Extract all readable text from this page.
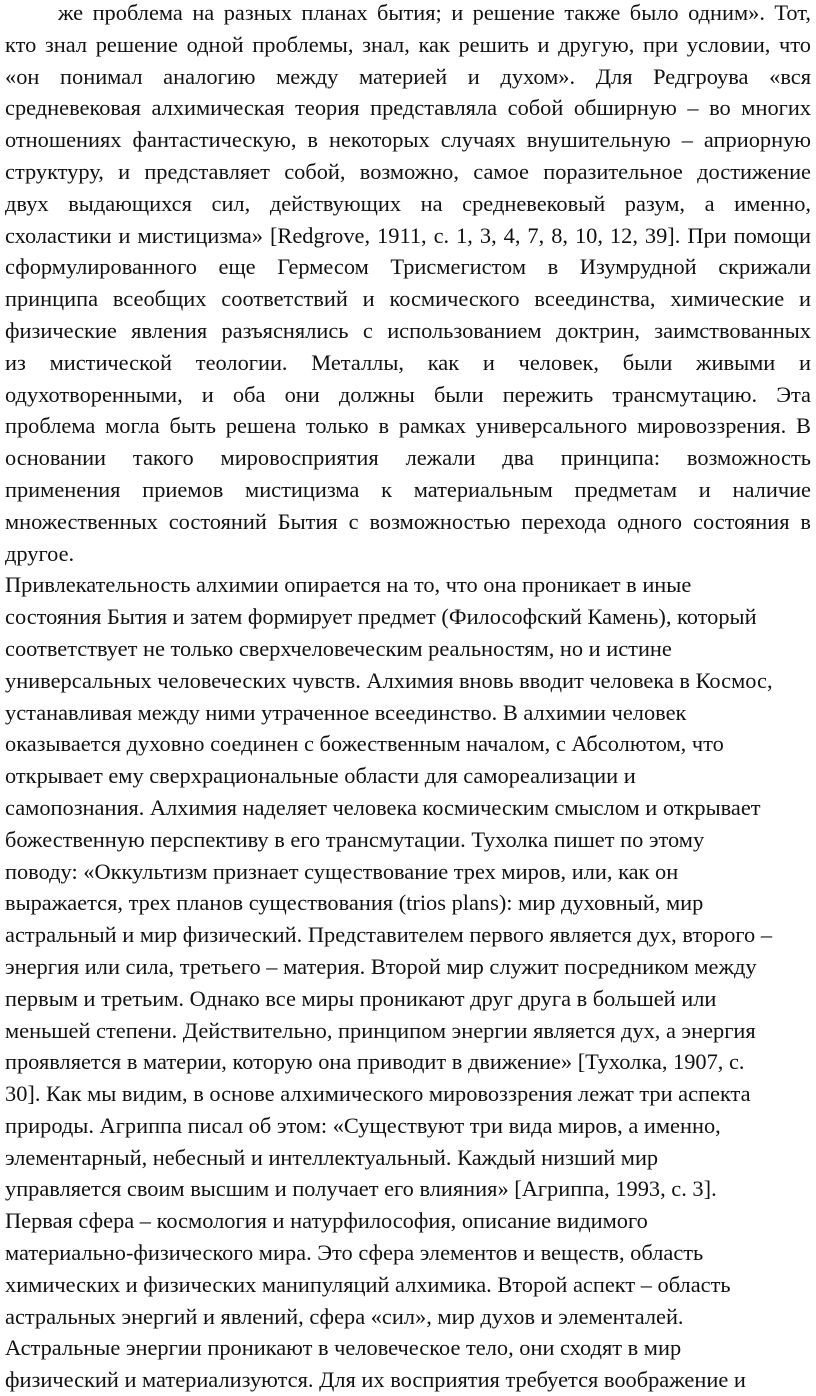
же проблема на разных планах бытия; и решение также было одним». Тот,
кто знал решение одной проблемы, знал, как решить и другую, при условии, что
«он понимал аналогию между материей и духом». Для Редгроува «вся
средневековая алхимическая теория представляла собой обширную – во многих
отношениях фантастическую, в некоторых случаях внушительную – априорную
структуру, и представляет собой, возможно, самое поразительное достижение
двух выдающихся сил, действующих на средневековый разум, а именно,
схоластики и мистицизма» [Redgrove, 1911, с. 1, 3, 4, 7, 8, 10, 12, 39]. При помощи
сформулированного еще Гермесом Трисмегистом в Изумрудной скрижали
принципа всеобщих соответствий и космического всеединства, химические и
физические явления разъяснялись с использованием доктрин, заимствованных
из мистической теологии. Металлы, как и человек, были живыми и
одухотворенными, и оба они должны были пережить трансмутацию. Эта
проблема могла быть решена только в рамках универсального мировоззрения. В
основании такого мировосприятия лежали два принципа: возможность
применения приемов мистицизма к материальным предметам и наличие
множественных состояний Бытия с возможностью перехода одного состояния в
другое.
Привлекательность алхимии опирается на то, что она проникает в иные
состояния Бытия и затем формирует предмет (Философский Камень), который
соответствует не только сверхчеловеческим реальностям, но и истине
универсальных человеческих чувств. Алхимия вновь вводит человека в Космос,
устанавливая между ними утраченное всеединство. В алхимии человек
оказывается духовно соединен с божественным началом, с Абсолютом, что
открывает ему сверхрациональные области для самореализации и
самопознания. Алхимия наделяет человека космическим смыслом и открывает
божественную перспективу в его трансмутации. Тухолка пишет по этому
поводу: «Оккультизм признает существование трех миров, или, как он
выражается, трех планов существования (trios plans): мир духовный, мир
астральный и мир физический. Представителем первого является дух, второго –
энергия или сила, третьего – материя. Второй мир служит посредником между
первым и третьим. Однако все миры проникают друг друга в большей или
меньшей степени. Действительно, принципом энергии является дух, а энергия
проявляется в материи, которую она приводит в движение» [Тухолка, 1907, с.
30]. Как мы видим, в основе алхимического мировоззрения лежат три аспекта
природы. Агриппа писал об этом: «Существуют три вида миров, а именно,
элементарный, небесный и интеллектуальный. Каждый низший мир
управляется своим высшим и получает его влияния» [Агриппа, 1993, с. 3].
Первая сфера – космология и натурфилософия, описание видимого
материально-физического мира. Это сфера элементов и веществ, область
химических и физических манипуляций алхимика. Второй аспект – область
астральных энергий и явлений, сфера «сил», мир духов и элементалей.
Астральные энергии проникают в человеческое тело, они сходят в мир
физический и материализуются. Для их восприятия требуется воображение и
